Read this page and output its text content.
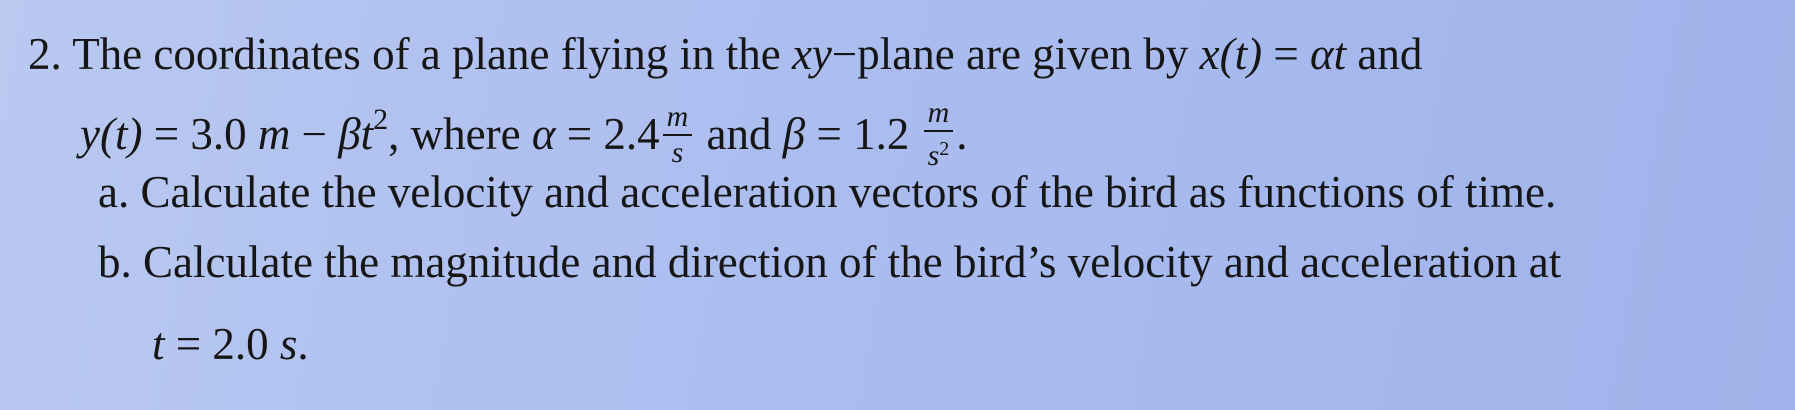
2. The coordinates of a plane flying in the xy−plane are given by x(t) = αt and
y(t) = 3.0 $m - \beta t^2$, where $\alpha = 2.4 \frac{m}{s}$ and $\beta = 1.2 \frac{m}{s^2}$ .
a. Calculate the velocity and acceleration vectors of the bird as functions of time.
b. Calculate the magnitude and direction of the bird’s velocity and acceleration at
t = 2.0 s.
